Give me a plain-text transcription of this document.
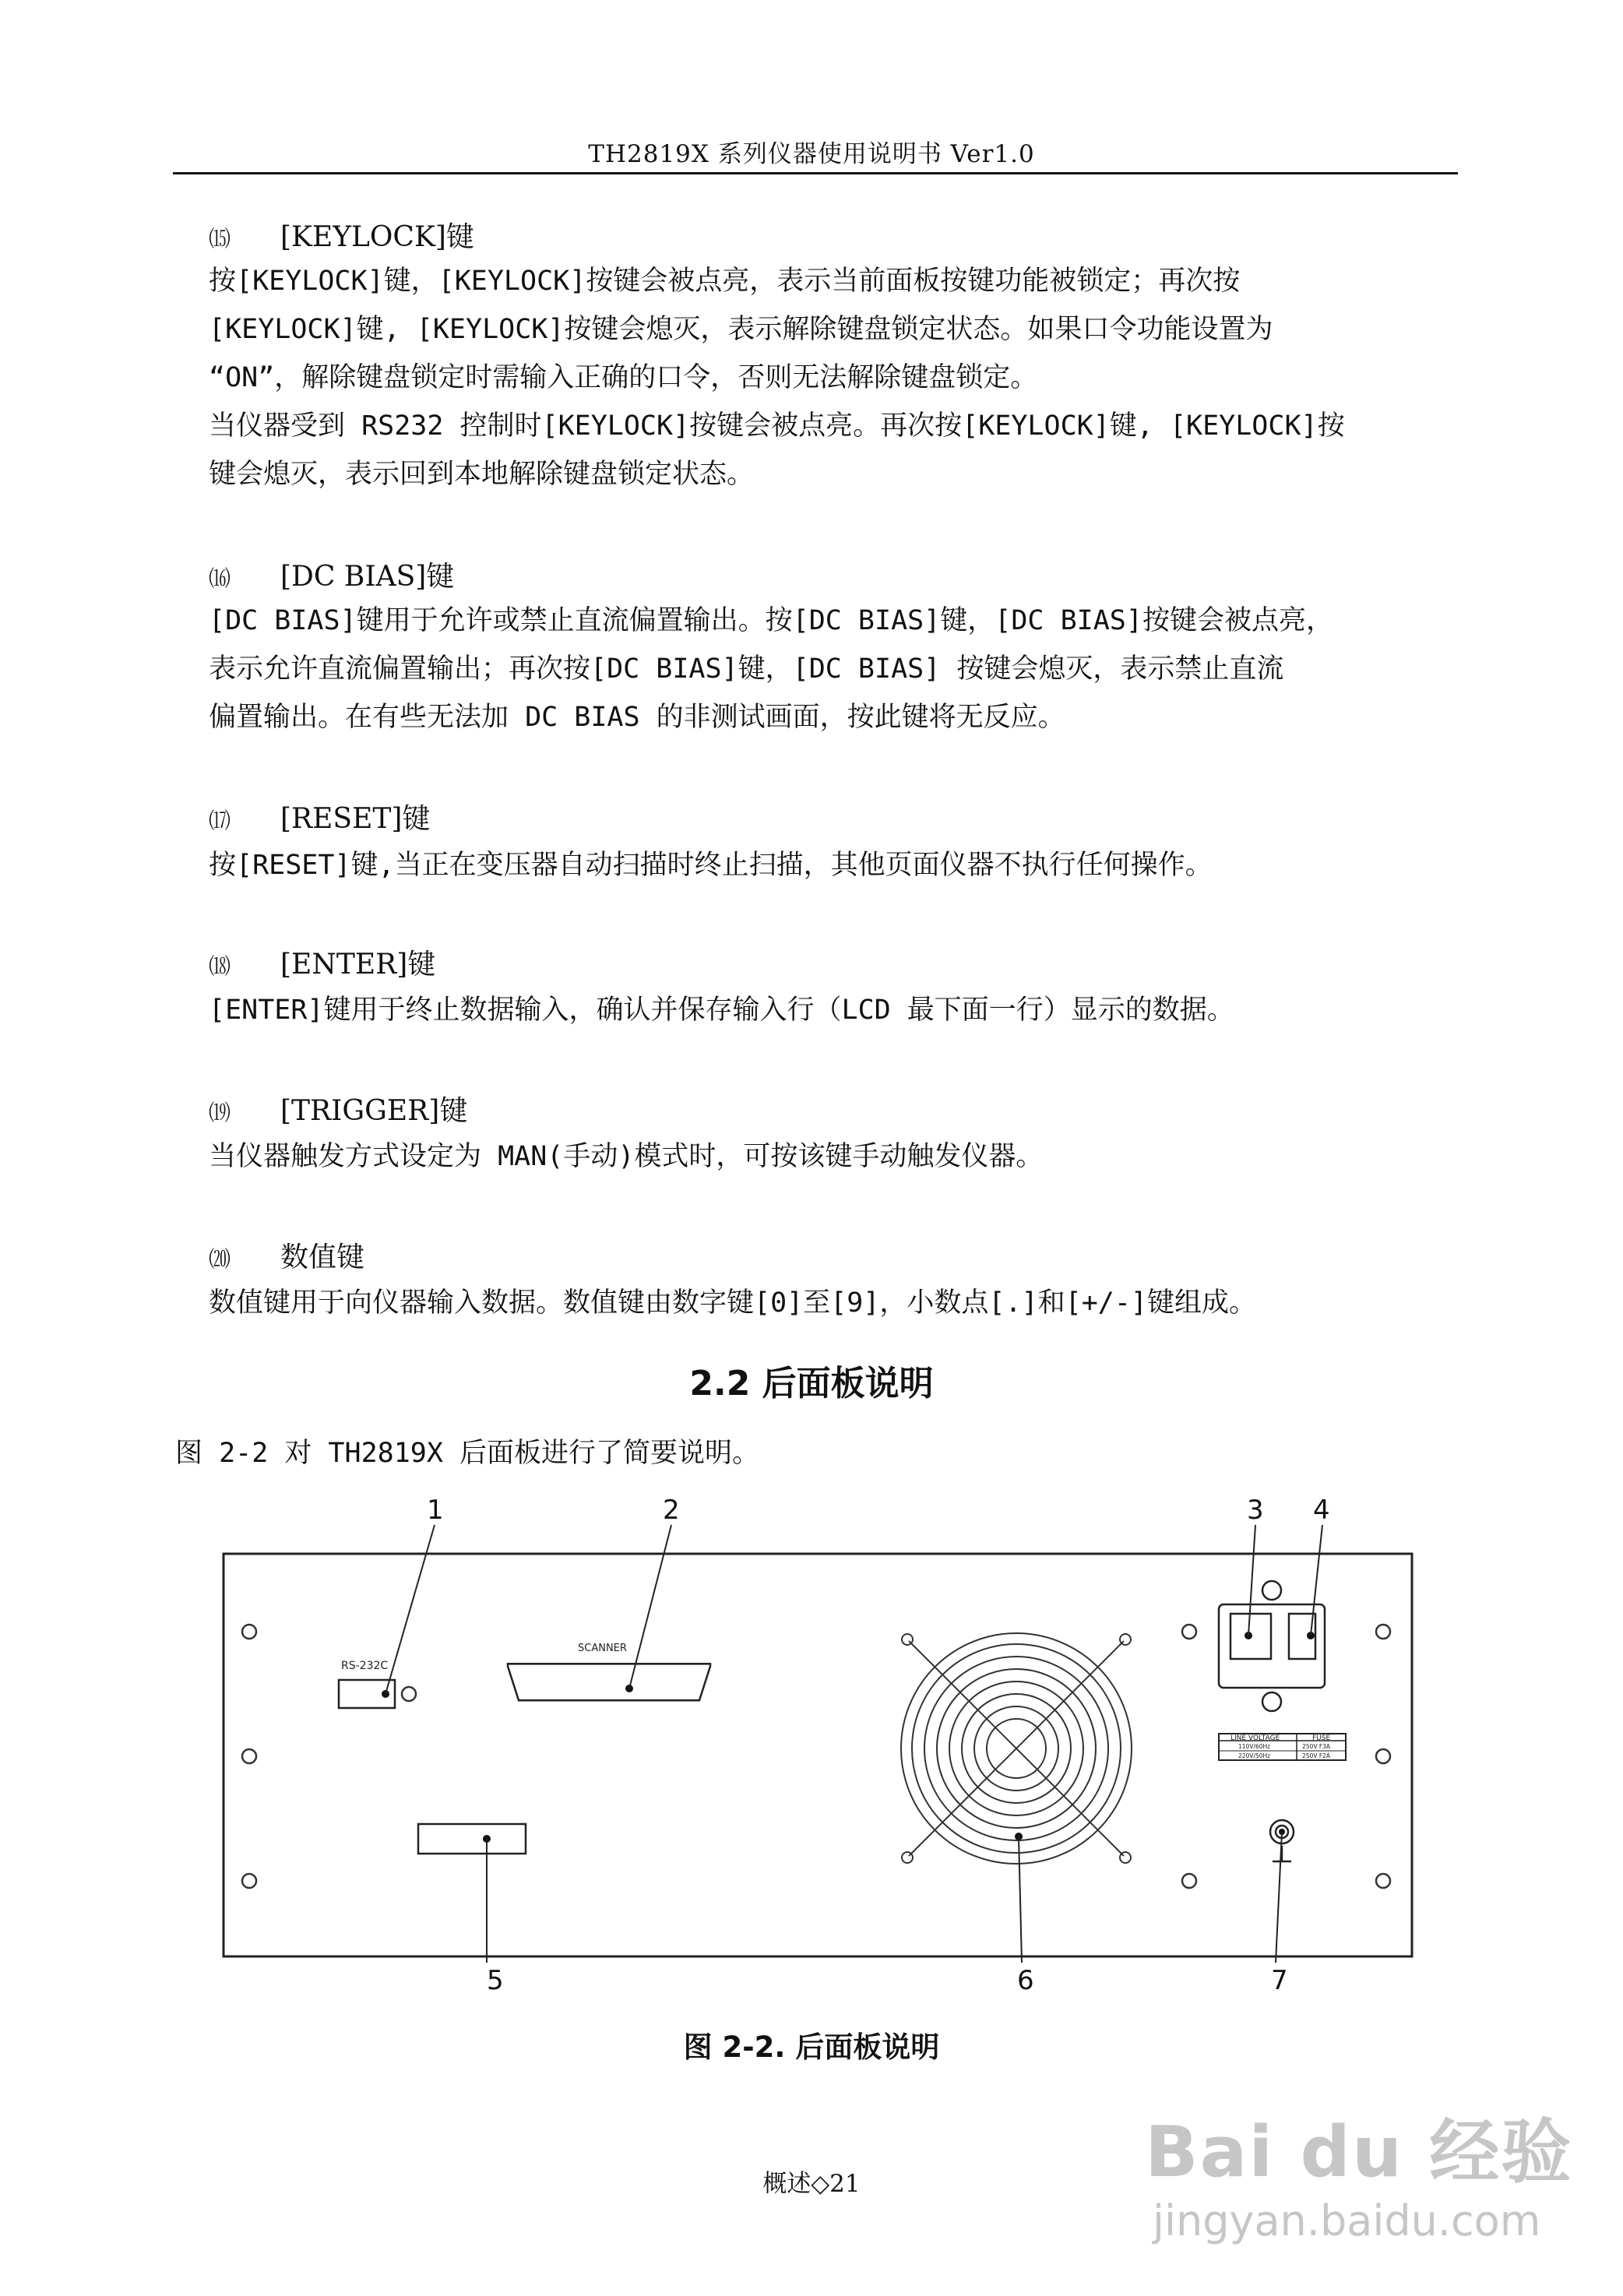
TH2819X 系列仪器使用说明书 Ver1.0
⒂ [KEYLOCK]键
按[KEYLOCK]键，[KEYLOCK]按键会被点亮，表示当前面板按键功能被锁定；再次按
[KEYLOCK]键, [KEYLOCK]按键会熄灭，表示解除键盘锁定状态。如果口令功能设置为
“ON”，解除键盘锁定时需输入正确的口令，否则无法解除键盘锁定。
当仪器受到 RS232 控制时[KEYLOCK]按键会被点亮。再次按[KEYLOCK]键, [KEYLOCK]按
键会熄灭，表示回到本地解除键盘锁定状态。
⒃ [DC BIAS]键
[DC BIAS]键用于允许或禁止直流偏置输出。按[DC BIAS]键，[DC BIAS]按键会被点亮，
表示允许直流偏置输出；再次按[DC BIAS]键，[DC BIAS] 按键会熄灭，表示禁止直流
偏置输出。在有些无法加 DC BIAS 的非测试画面，按此键将无反应。
⒄ [RESET]键
按[RESET]键,当正在变压器自动扫描时终止扫描，其他页面仪器不执行任何操作。
⒅ [ENTER]键
[ENTER]键用于终止数据输入，确认并保存输入行（LCD 最下面一行）显示的数据。
⒆ [TRIGGER]键
当仪器触发方式设定为 MAN(手动)模式时，可按该键手动触发仪器。
⒇ 数值键
数值键用于向仪器输入数据。数值键由数字键[0]至[9]，小数点[.]和[+/-]键组成。
2.2 后面板说明
图 2-2 对 TH2819X 后面板进行了简要说明。
RS-232C
SCANNER
LINE VOLTAGE	FUSE
110V/60Hz	250V F3A
220V/50Hz	250V F2A
1	2	3 4
5	6	7
图 2-2. 后面板说明
概述◇21	Bai du 经验
jingyan.baidu.com
